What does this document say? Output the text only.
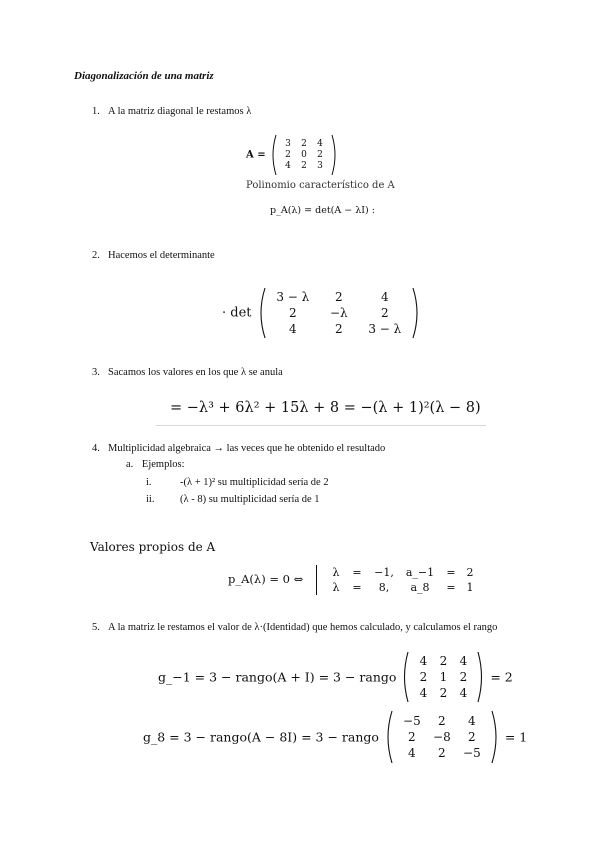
Diagonalización de una matriz
1. A la matriz diagonal le restamos λ
A =
3	2	4
2	0	2
4	2	3

Polinomio característico de A
p_A(λ) = det(A − λI) :
2. Hacemos el determinante
· det
3 − λ	2	4
2	−λ	2
4	2	3 − λ

3. Sacamos los valores en los que λ se anula
= −λ³ + 6λ² + 15λ + 8 = −(λ + 1)²(λ − 8)
4. Multiplicidad algebraica → las veces que he obtenido el resultado
a. Ejemplos:
i.	-(λ + 1)² su multiplicidad sería de 2
ii. (λ - 8) su multiplicidad sería de 1
Valores propios de A
p_A(λ) = 0 ⇔	λ	=	−1,	a_−1	= 2
λ	=	8,	a_8	= 1
5. A la matriz le restamos el valor de λ·(Identidad) que hemos calculado, y calculamos el rango
g_−1 = 3 − rango(A + I) = 3 − rango
4	2	4
2	1	2
4	2	4
= 2
g_8 = 3 − rango(A − 8I) = 3 − rango
−5	2	4
2	−8	2
4	2	−5
= 1
